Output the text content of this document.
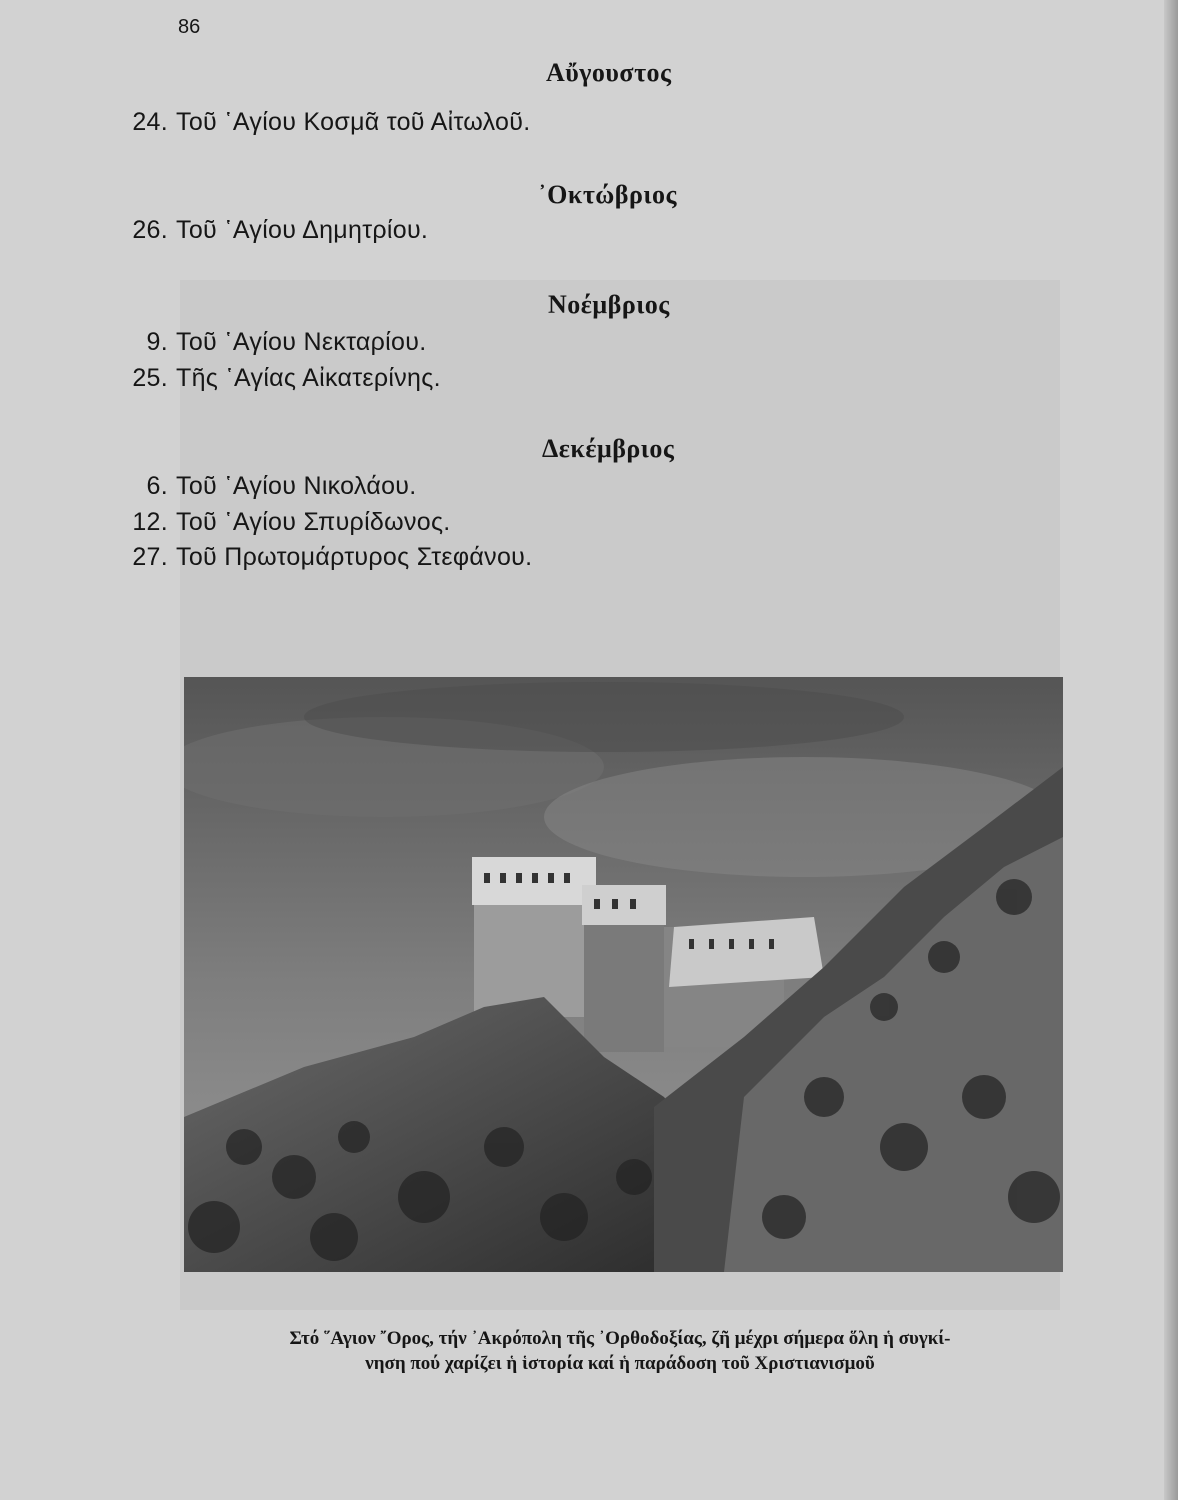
86
Αὔγουστος
24. Τοῦ ῾Αγίου Κοσμᾶ τοῦ Αἰτωλοῦ.
᾿Οκτώβριος
26. Τοῦ ῾Αγίου Δημητρίου.
Νοέμβριος
9. Τοῦ ῾Αγίου Νεκταρίου.
25. Τῆς ῾Αγίας Αἰκατερίνης.
Δεκέμβριος
6. Τοῦ ῾Αγίου Νικολάου.
12. Τοῦ ῾Αγίου Σπυρίδωνος.
27. Τοῦ Πρωτομάρτυρος Στεφάνου.
Στό ῞Αγιον ῎Ορος, τήν ᾿Ακρόπολη τῆς ᾿Ορθοδοξίας, ζῆ μέχρι σήμερα ὅλη ἡ συγκί-
νηση πού χαρίζει ἡ ἱστορία καί ἡ παράδοση τοῦ Χριστιανισμοῦ
